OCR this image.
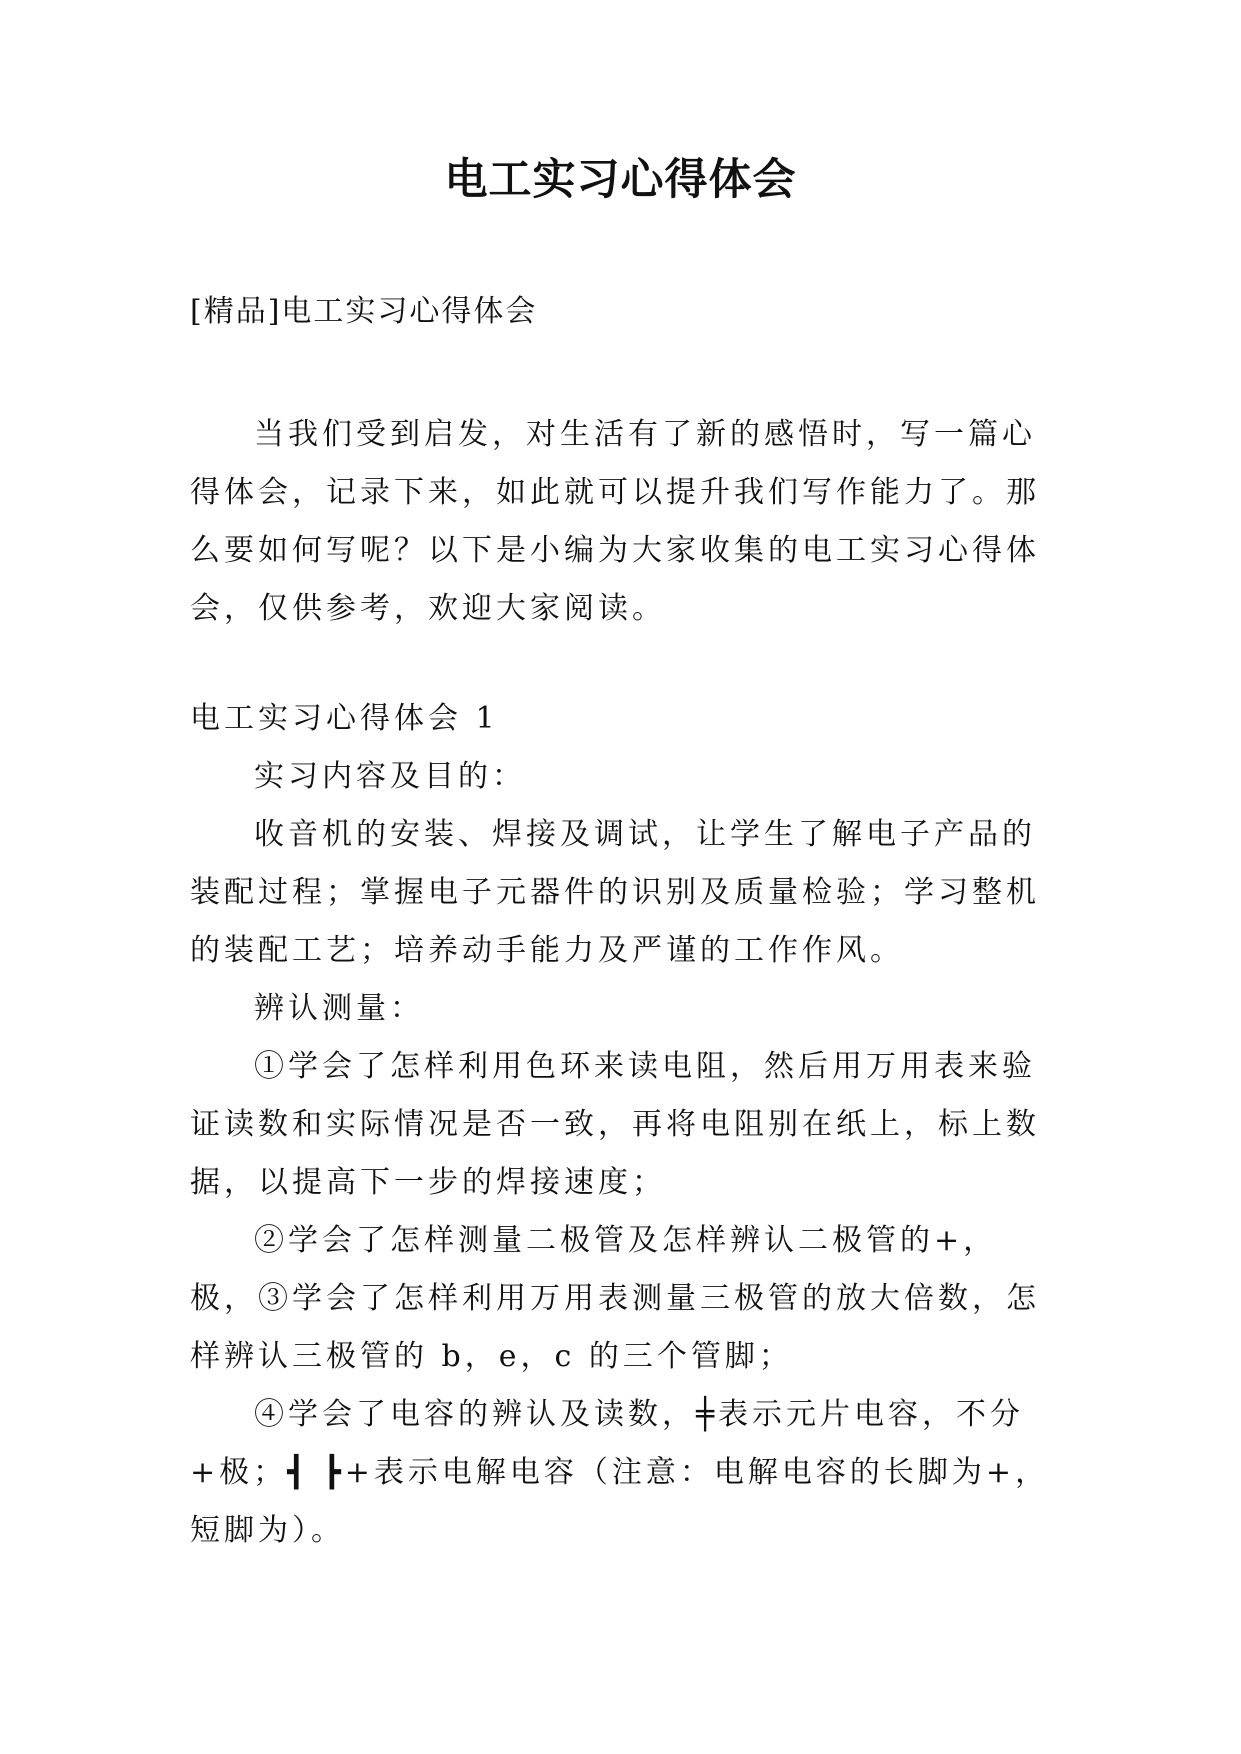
电工实习心得体会
[精品]电工实习心得体会

当我们受到启发，对生活有了新的感悟时，写一篇心得体会，记录下来，如此就可以提升我们写作能力了。那么要如何写呢？以下是小编为大家收集的电工实习心得体会，仅供参考，欢迎大家阅读。

电工实习心得体会 1

实习内容及目的：

收音机的安装、焊接及调试，让学生了解电子产品的装配过程；掌握电子元器件的识别及质量检验；学习整机的装配工艺；培养动手能力及严谨的工作作风。

辨认测量：

①学会了怎样利用色环来读电阻，然后用万用表来验证读数和实际情况是否一致，再将电阻别在纸上，标上数据，以提高下一步的焊接速度；

②学会了怎样测量二极管及怎样辨认二极管的+，极，③学会了怎样利用万用表测量三极管的放大倍数，怎样辨认三极管的 b，e，c 的三个管脚；

④学会了电容的辨认及读数，╪表示元片电容，不分+极；┫ ┣+表示电解电容（注意：电解电容的长脚为+，短脚为）。
